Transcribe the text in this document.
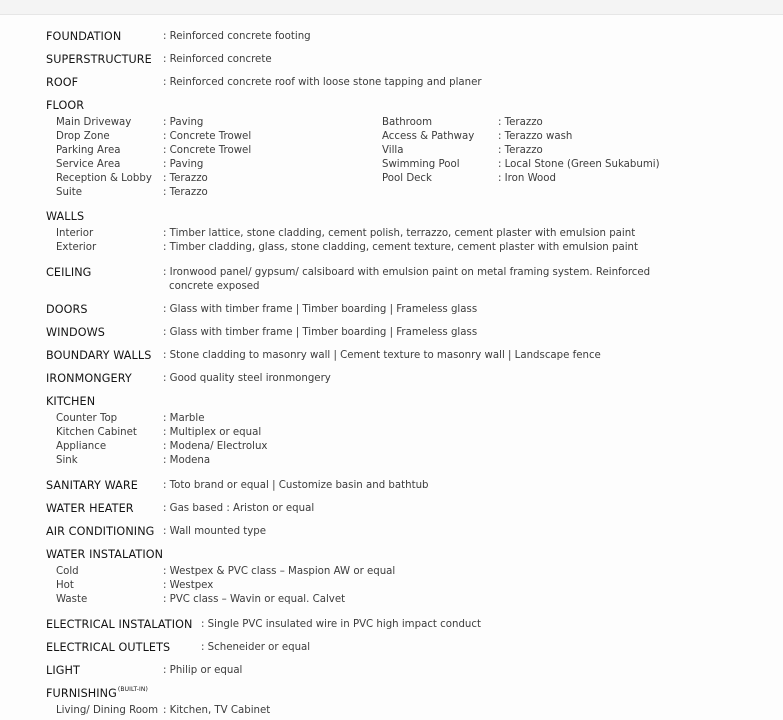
FOUNDATION	: Reinforced concrete footing
SUPERSTRUCTURE : Reinforced concrete
ROOF	: Reinforced concrete roof with loose stone tapping and planer
FLOOR
Main Driveway	: Paving	Bathroom	: Terazzo
Drop Zone	: Concrete Trowel	Access & Pathway : Terazzo wash
Parking Area	: Concrete Trowel	Villa	: Terazzo
Service Area	: Paving	Swimming Pool	: Local Stone (Green Sukabumi)
Reception & Lobby : Terazzo	Pool Deck	: Iron Wood
Suite	: Terazzo
WALLS
Interior	: Timber lattice, stone cladding, cement polish, terrazzo, cement plaster with emulsion paint
Exterior	: Timber cladding, glass, stone cladding, cement texture, cement plaster with emulsion paint
CEILING	: Ironwood panel/ gypsum/ calsiboard with emulsion paint on metal framing system. Reinforced
concrete exposed
DOORS	: Glass with timber frame | Timber boarding | Frameless glass
WINDOWS	: Glass with timber frame | Timber boarding | Frameless glass
BOUNDARY WALLS : Stone cladding to masonry wall | Cement texture to masonry wall | Landscape fence
IRONMONGERY	: Good quality steel ironmongery
KITCHEN
Counter Top	: Marble
Kitchen Cabinet	: Multiplex or equal
Appliance	: Modena/ Electrolux
Sink	: Modena
SANITARY WARE : Toto brand or equal | Customize basin and bathtub
WATER HEATER	: Gas based : Ariston or equal
AIR CONDITIONING : Wall mounted type
WATER INSTALATION
Cold	: Westpex & PVC class – Maspion AW or equal
Hot	: Westpex
Waste	: PVC class – Wavin or equal. Calvet
ELECTRICAL INSTALATION : Single PVC insulated wire in PVC high impact conduct
ELECTRICAL OUTLETS	: Scheneider or equal
LIGHT	: Philip or equal
$FURNISHING^{(BUILT-IN)}$
Living/ Dining Room : Kitchen, TV Cabinet
